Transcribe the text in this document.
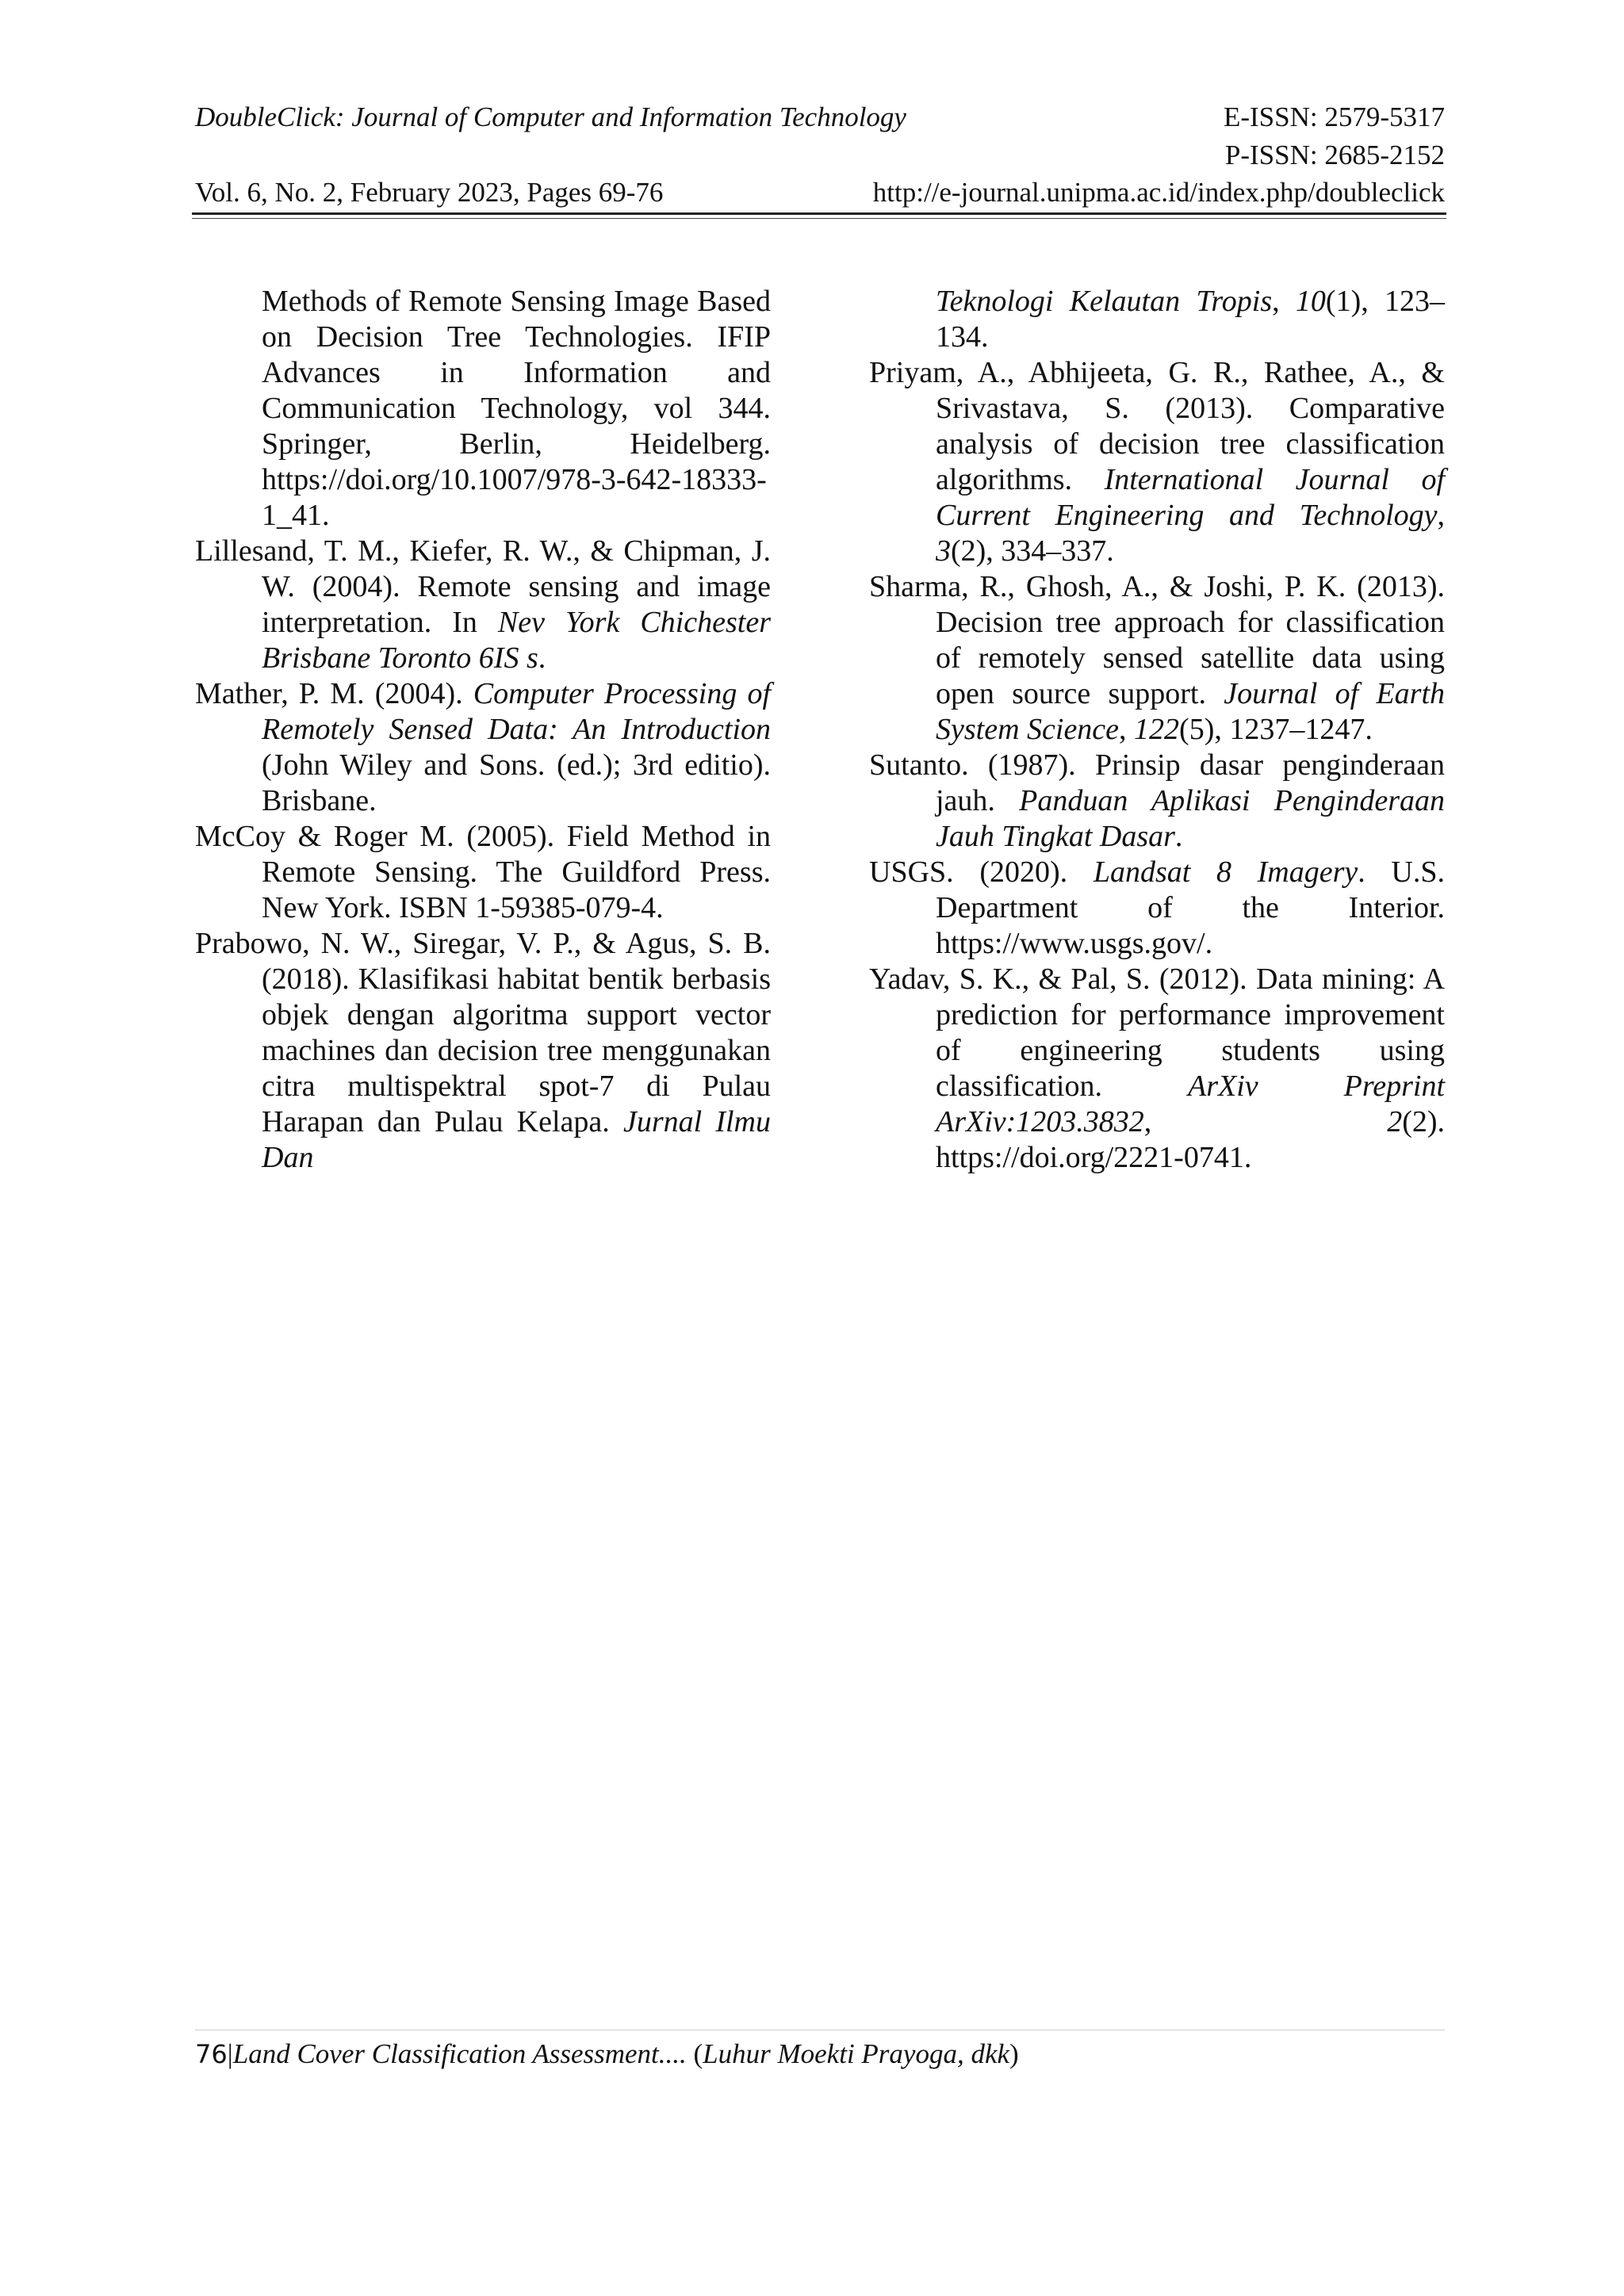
DoubleClick: Journal of Computer and Information Technology	E-ISSN: 2579-5317
P-ISSN: 2685-2152
Vol. 6, No. 2, February 2023, Pages 69-76	http://e-journal.unipma.ac.id/index.php/doubleclick

Methods of Remote Sensing Image Based on Decision Tree Technologies. IFIP Advances in Information and Communication Technology, vol 344. Springer, Berlin, Heidelberg. https://doi.org/10.1007/978-3-642-18333-1_41.

Lillesand, T. M., Kiefer, R. W., & Chipman, J. W. (2004). Remote sensing and image interpretation. In Nev York Chichester Brisbane Toronto 6IS s.

Mather, P. M. (2004). Computer Processing of Remotely Sensed Data: An Introduction (John Wiley and Sons. (ed.); 3rd editio). Brisbane.

McCoy & Roger M. (2005). Field Method in Remote Sensing. The Guildford Press. New York. ISBN 1-59385-079-4.

Prabowo, N. W., Siregar, V. P., & Agus, S. B. (2018). Klasifikasi habitat bentik berbasis objek dengan algoritma support vector machines dan decision tree menggunakan citra multispektral spot-7 di Pulau Harapan dan Pulau Kelapa. Jurnal Ilmu Dan

Teknologi Kelautan Tropis, 10(1), 123–134.

Priyam, A., Abhijeeta, G. R., Rathee, A., & Srivastava, S. (2013). Comparative analysis of decision tree classification algorithms. International Journal of Current Engineering and Technology, 3(2), 334–337.

Sharma, R., Ghosh, A., & Joshi, P. K. (2013). Decision tree approach for classification of remotely sensed satellite data using open source support. Journal of Earth System Science, 122(5), 1237–1247.

Sutanto. (1987). Prinsip dasar penginderaan jauh. Panduan Aplikasi Penginderaan Jauh Tingkat Dasar.

USGS. (2020). Landsat 8 Imagery. U.S. Department of the Interior. https://www.usgs.gov/.

Yadav, S. K., & Pal, S. (2012). Data mining: A prediction for performance improvement of engineering students using classification. ArXiv Preprint ArXiv:1203.3832, 2(2). https://doi.org/2221-0741.

76|Land Cover Classification Assessment.... (Luhur Moekti Prayoga, dkk)
